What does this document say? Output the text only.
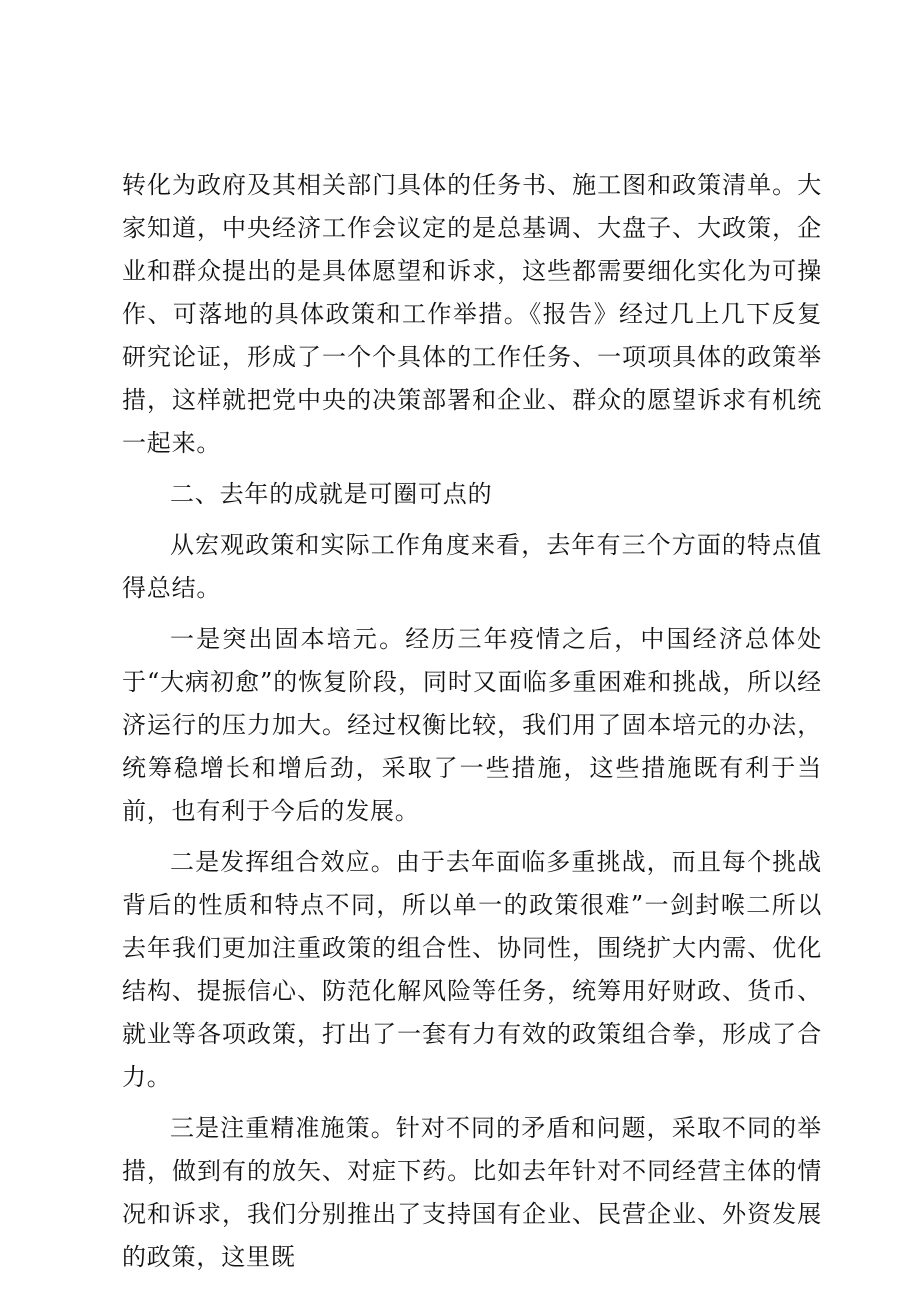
转化为政府及其相关部门具体的任务书、施工图和政策清单。大家知道，中央经济工作会议定的是总基调、大盘子、大政策，企业和群众提出的是具体愿望和诉求，这些都需要细化实化为可操作、可落地的具体政策和工作举措。《报告》经过几上几下反复研究论证，形成了一个个具体的工作任务、一项项具体的政策举措，这样就把党中央的决策部署和企业、群众的愿望诉求有机统一起来。

二、去年的成就是可圈可点的

从宏观政策和实际工作角度来看，去年有三个方面的特点值得总结。

一是突出固本培元。经历三年疫情之后，中国经济总体处于“大病初愈”的恢复阶段，同时又面临多重困难和挑战，所以经济运行的压力加大。经过权衡比较，我们用了固本培元的办法，统筹稳增长和增后劲，采取了一些措施，这些措施既有利于当前，也有利于今后的发展。

二是发挥组合效应。由于去年面临多重挑战，而且每个挑战背后的性质和特点不同，所以单一的政策很难”一剑封喉二所以去年我们更加注重政策的组合性、协同性，围绕扩大内需、优化结构、提振信心、防范化解风险等任务，统筹用好财政、货币、就业等各项政策，打出了一套有力有效的政策组合拳，形成了合力。

三是注重精准施策。针对不同的矛盾和问题，采取不同的举措，做到有的放矢、对症下药。比如去年针对不同经营主体的情况和诉求，我们分别推出了支持国有企业、民营企业、外资发展的政策，这里既
